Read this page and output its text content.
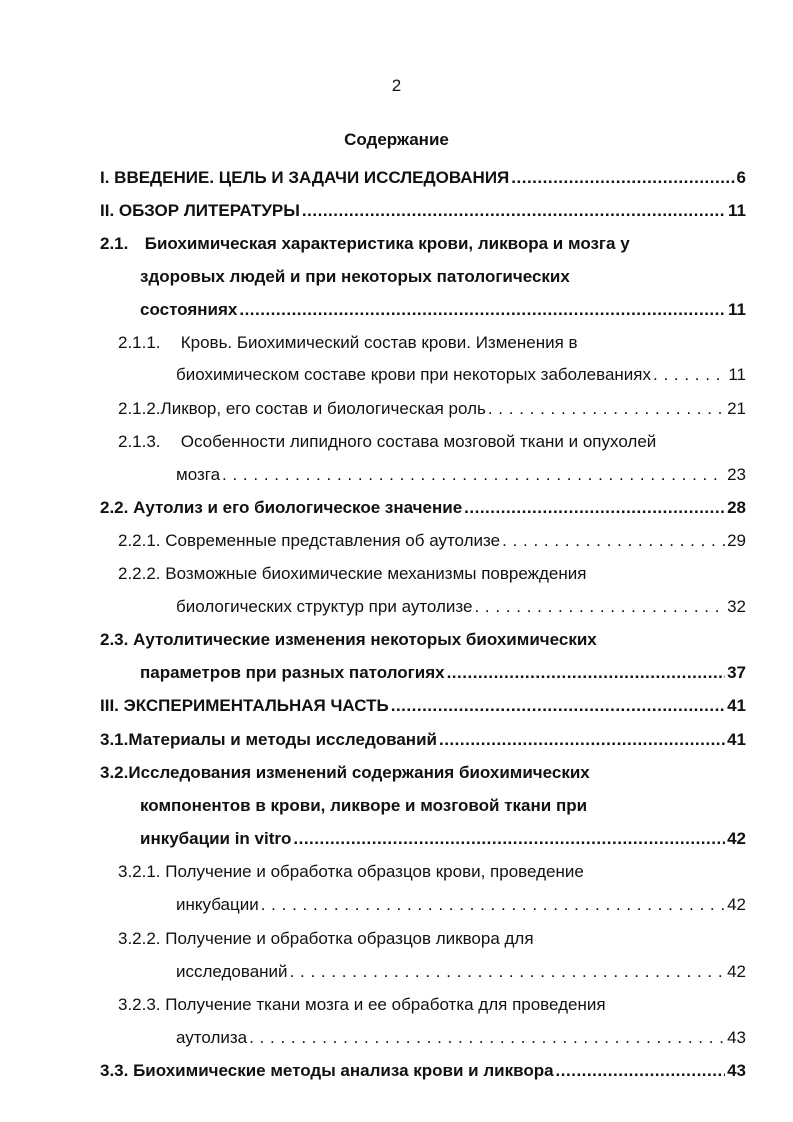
2
Содержание
I. ВВЕДЕНИЕ. ЦЕЛЬ И ЗАДАЧИ ИССЛЕДОВАНИЯ .....	6
II. ОБЗОР ЛИТЕРАТУРЫ .....	11
2.1. Биохимическая характеристика крови, ликвора и мозга у
здоровых людей и при некоторых патологических
состояниях .....	11
2.1.1. Кровь. Биохимический состав крови. Изменения в
биохимическом составе крови при некоторых заболеваниях . . .	11
2.1.2. Ликвор, его состав и биологическая роль . . .	21
2.1.3. Особенности липидного состава мозговой ткани и опухолей
мозга . . .	23
2.2. Аутолиз и его биологическое значение .....	28
2.2.1. Современные представления об аутолизе . . .	29
2.2.2. Возможные биохимические механизмы повреждения
биологических структур при аутолизе . . .	32
2.3. Аутолитические изменения некоторых биохимических
параметров при разных патологиях .....	37
III. ЭКСПЕРИМЕНТАЛЬНАЯ ЧАСТЬ .....	41
3.1.Материалы и методы исследований .....	41
3.2.Исследования изменений содержания биохимических
компонентов в крови, ликворе и мозговой ткани при
инкубации in vitro .....	42
3.2.1. Получение и обработка образцов крови, проведение
инкубации . . .	42
3.2.2. Получение и обработка образцов ликвора для
исследований . . .	42
3.2.3. Получение ткани мозга и ее обработка для проведения
аутолиза . . .	43
3.3. Биохимические методы анализа крови и ликвора .....	43
